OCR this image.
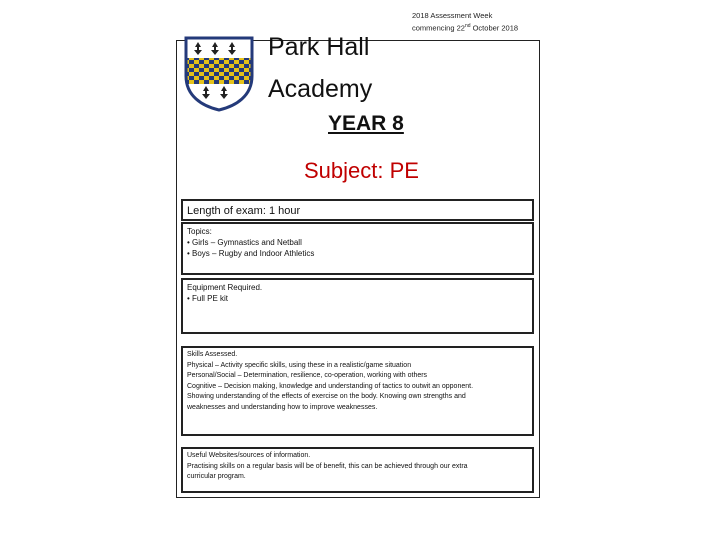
Park Hall
Academy
2018 Assessment Week
commencing 22nd October 2018
YEAR 8
Subject: PE
Length of exam: 1 hour
Topics:
• Girls – Gymnastics and Netball
• Boys – Rugby and Indoor Athletics
Equipment Required.
• Full PE kit
Skills Assessed.
Physical – Activity specific skills, using these in a realistic/game situation
Personal/Social – Determination, resilience, co-operation, working with others
Cognitive – Decision making, knowledge and understanding of tactics to outwit an opponent.
Showing understanding of the effects of exercise on the body. Knowing own strengths and
weaknesses and understanding how to improve weaknesses.
Useful Websites/sources of information.
Practising skills on a regular basis will be of benefit, this can be achieved through our extra
curricular program.
